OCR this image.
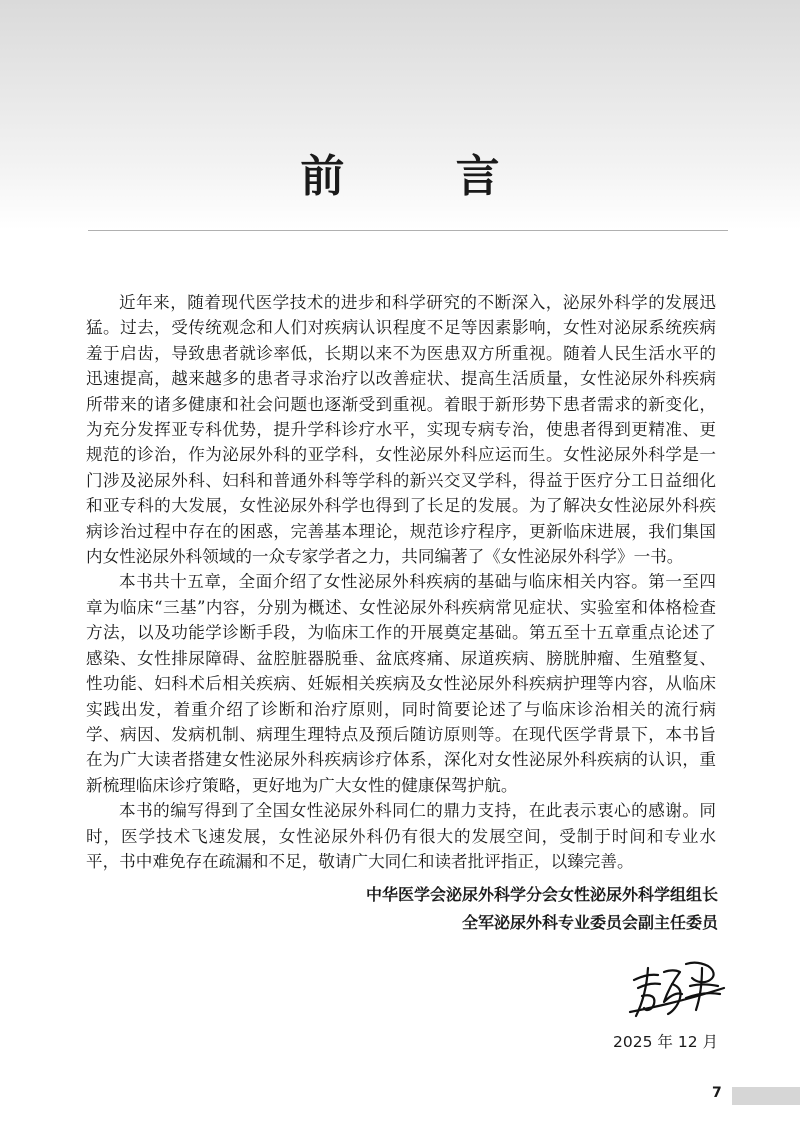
前 言

近年来，随着现代医学技术的进步和科学研究的不断深入，泌尿外科学的发展迅猛。过去，受传统观念和人们对疾病认识程度不足等因素影响，女性对泌尿系统疾病羞于启齿，导致患者就诊率低，长期以来不为医患双方所重视。随着人民生活水平的迅速提高，越来越多的患者寻求治疗以改善症状、提高生活质量，女性泌尿外科疾病所带来的诸多健康和社会问题也逐渐受到重视。着眼于新形势下患者需求的新变化，为充分发挥亚专科优势，提升学科诊疗水平，实现专病专治，使患者得到更精准、更规范的诊治，作为泌尿外科的亚学科，女性泌尿外科应运而生。女性泌尿外科学是一门涉及泌尿外科、妇科和普通外科等学科的新兴交叉学科，得益于医疗分工日益细化和亚专科的大发展，女性泌尿外科学也得到了长足的发展。为了解决女性泌尿外科疾病诊治过程中存在的困惑，完善基本理论，规范诊疗程序，更新临床进展，我们集国内女性泌尿外科领域的一众专家学者之力，共同编著了《女性泌尿外科学》一书。

本书共十五章，全面介绍了女性泌尿外科疾病的基础与临床相关内容。第一至四章为临床“三基”内容，分别为概述、女性泌尿外科疾病常见症状、实验室和体格检查方法，以及功能学诊断手段，为临床工作的开展奠定基础。第五至十五章重点论述了感染、女性排尿障碍、盆腔脏器脱垂、盆底疼痛、尿道疾病、膀胱肿瘤、生殖整复、性功能、妇科术后相关疾病、妊娠相关疾病及女性泌尿外科疾病护理等内容，从临床实践出发，着重介绍了诊断和治疗原则，同时简要论述了与临床诊治相关的流行病学、病因、发病机制、病理生理特点及预后随访原则等。在现代医学背景下，本书旨在为广大读者搭建女性泌尿外科疾病诊疗体系，深化对女性泌尿外科疾病的认识，重新梳理临床诊疗策略，更好地为广大女性的健康保驾护航。

本书的编写得到了全国女性泌尿外科同仁的鼎力支持，在此表示衷心的感谢。同时，医学技术飞速发展，女性泌尿外科仍有很大的发展空间，受制于时间和专业水平，书中难免存在疏漏和不足，敬请广大同仁和读者批评指正，以臻完善。

中华医学会泌尿外科学分会女性泌尿外科学组组长
全军泌尿外科专业委员会副主任委员
2025 年 12 月
7
